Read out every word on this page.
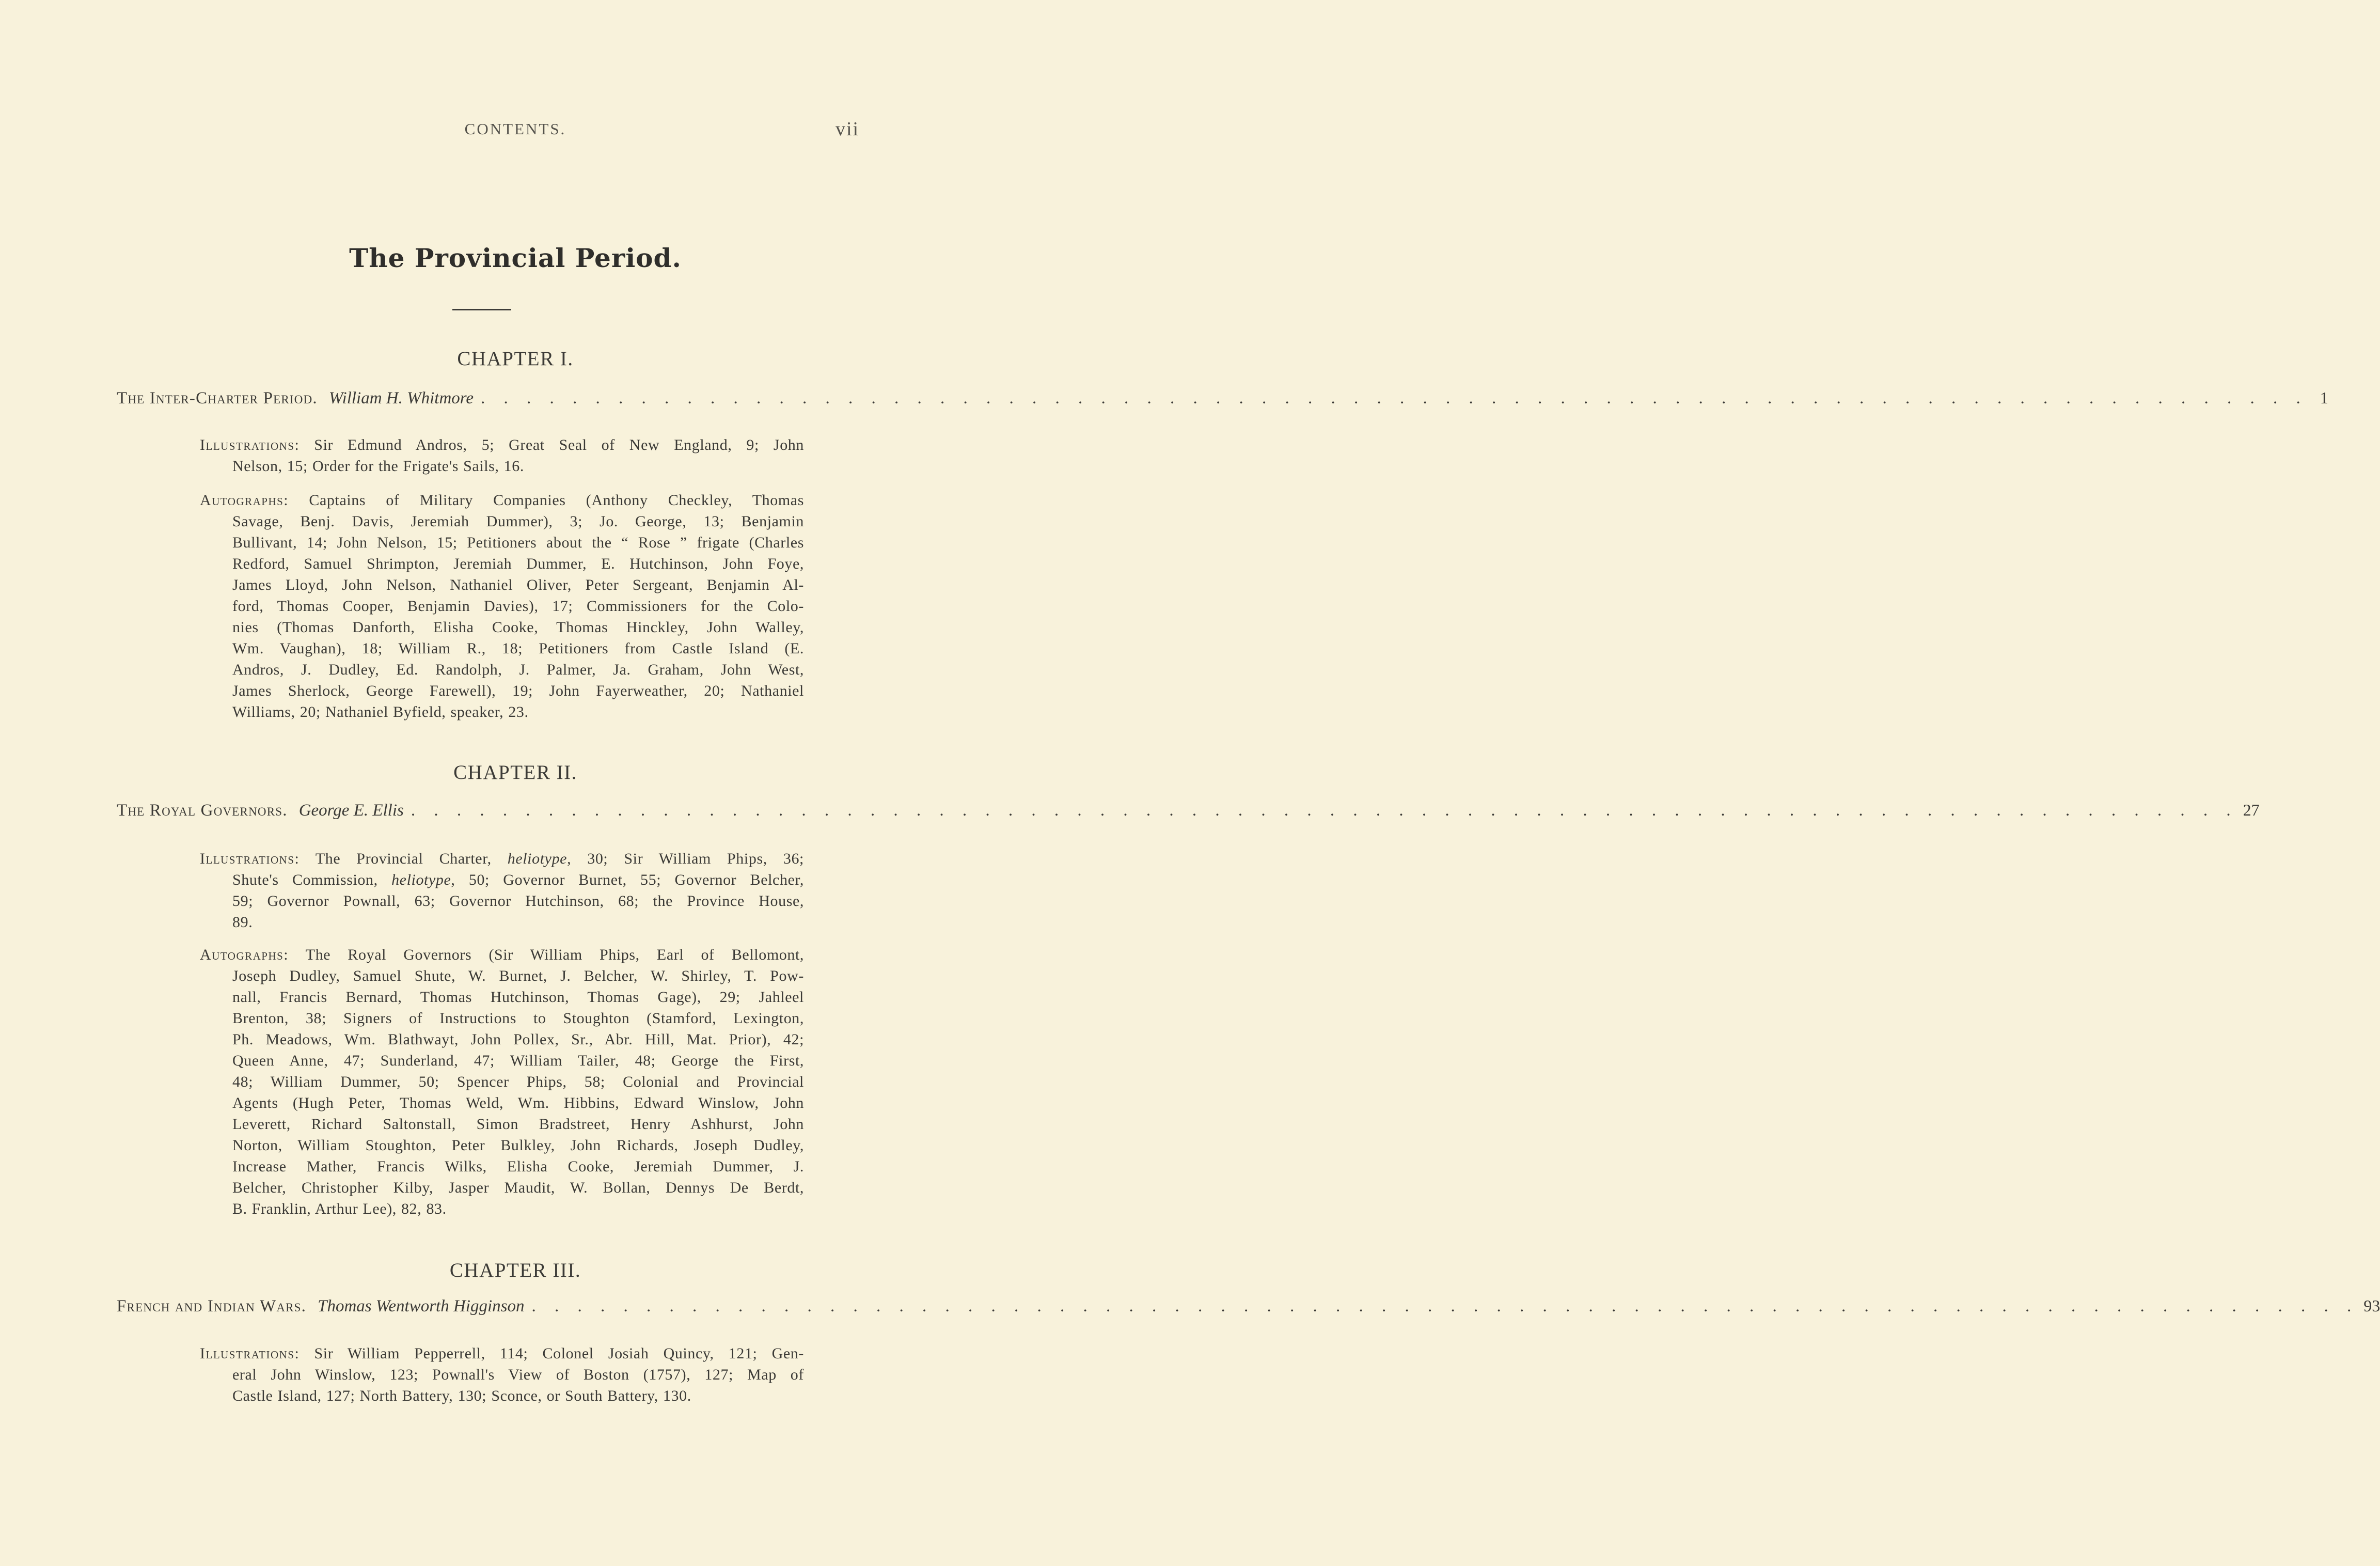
CONTENTS.	vii
The Provincial Period.
CHAPTER I.
The Inter-Charter Period. William H. Whitmore . . . . . . . . . . . . . . . . . . . . . . . . . . . . . . . . . . . . . . . . . . . . . . . . . . . . . . . . . . . . . . . . . . . . . . . . . . . . . . . . 1
Illustrations: Sir Edmund Andros, 5; Great Seal of New England, 9; John
Nelson, 15; Order for the Frigate's Sails, 16.
Autographs: Captains of Military Companies (Anthony Checkley, Thomas
Savage, Benj. Davis, Jeremiah Dummer), 3; Jo. George, 13; Benjamin
Bullivant, 14; John Nelson, 15; Petitioners about the “ Rose ” frigate (Charles
Redford, Samuel Shrimpton, Jeremiah Dummer, E. Hutchinson, John Foye,
James Lloyd, John Nelson, Nathaniel Oliver, Peter Sergeant, Benjamin Al-
ford, Thomas Cooper, Benjamin Davies), 17; Commissioners for the Colo-
nies (Thomas Danforth, Elisha Cooke, Thomas Hinckley, John Walley,
Wm. Vaughan), 18; William R., 18; Petitioners from Castle Island (E.
Andros, J. Dudley, Ed. Randolph, J. Palmer, Ja. Graham, John West,
James Sherlock, George Farewell), 19; John Fayerweather, 20; Nathaniel
Williams, 20; Nathaniel Byfield, speaker, 23.
CHAPTER II.
The Royal Governors. George E. Ellis . . . . . . . . . . . . . . . . . . . . . . . . . . . . . . . . . . . . . . . . . . . . . . . . . . . . . . . . . . . . . . . . . . . . . . . . . . . . . . . . 27
Illustrations: The Provincial Charter, heliotype, 30; Sir William Phips, 36;
Shute's Commission, heliotype, 50; Governor Burnet, 55; Governor Belcher,
59; Governor Pownall, 63; Governor Hutchinson, 68; the Province House,
89.
Autographs: The Royal Governors (Sir William Phips, Earl of Bellomont,
Joseph Dudley, Samuel Shute, W. Burnet, J. Belcher, W. Shirley, T. Pow-
nall, Francis Bernard, Thomas Hutchinson, Thomas Gage), 29; Jahleel
Brenton, 38; Signers of Instructions to Stoughton (Stamford, Lexington,
Ph. Meadows, Wm. Blathwayt, John Pollex, Sr., Abr. Hill, Mat. Prior), 42;
Queen Anne, 47; Sunderland, 47; William Tailer, 48; George the First,
48; William Dummer, 50; Spencer Phips, 58; Colonial and Provincial
Agents (Hugh Peter, Thomas Weld, Wm. Hibbins, Edward Winslow, John
Leverett, Richard Saltonstall, Simon Bradstreet, Henry Ashhurst, John
Norton, William Stoughton, Peter Bulkley, John Richards, Joseph Dudley,
Increase Mather, Francis Wilks, Elisha Cooke, Jeremiah Dummer, J.
Belcher, Christopher Kilby, Jasper Maudit, W. Bollan, Dennys De Berdt,
B. Franklin, Arthur Lee), 82, 83.
CHAPTER III.
French and Indian Wars. Thomas Wentworth Higginson . . . . . . . . . . . . . . . . . . . . . . . . . . . . . . . . . . . . . . . . . . . . . . . . . . . . . . . . . . . . . . . . . . . . . . . . . . . . . . . . 93
Illustrations: Sir William Pepperrell, 114; Colonel Josiah Quincy, 121; Gen-
eral John Winslow, 123; Pownall's View of Boston (1757), 127; Map of
Castle Island, 127; North Battery, 130; Sconce, or South Battery, 130.
